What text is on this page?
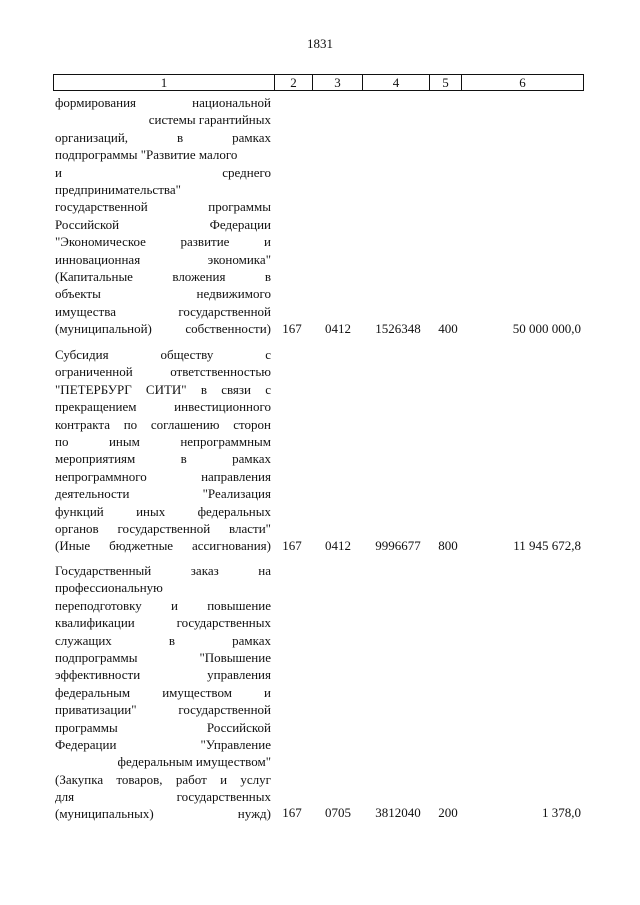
1831
1	2	3	4	5	6
формирования национальной
системы гарантийных
организаций, в рамках
подпрограммы "Развитие малого
и среднего
предпринимательства"
государственной программы
Российской Федерации
"Экономическое развитие и
инновационная экономика"
(Капитальные вложения в
объекты недвижимого
имущества государственной
(муниципальной) собственности) 167	0412	1526348	400	50 000 000,0
Субсидия обществу с
ограниченной ответственностью
"ПЕТЕРБУРГ СИТИ" в связи с
прекращением инвестиционного
контракта по соглашению сторон
по иным непрограммным
мероприятиям в рамках
непрограммного направления
деятельности "Реализация
функций иных федеральных
органов государственной власти"
(Иные бюджетные ассигнования) 167	0412	9996677	800	11 945 672,8
Государственный заказ на
профессиональную
переподготовку и повышение
квалификации государственных
служащих в рамках
подпрограммы "Повышение
эффективности управления
федеральным имуществом и
приватизации" государственной
программы Российской
Федерации "Управление
федеральным имуществом"
(Закупка товаров, работ и услуг
для государственных
(муниципальных) нужд) 167	0705	3812040	200	1 378,0
